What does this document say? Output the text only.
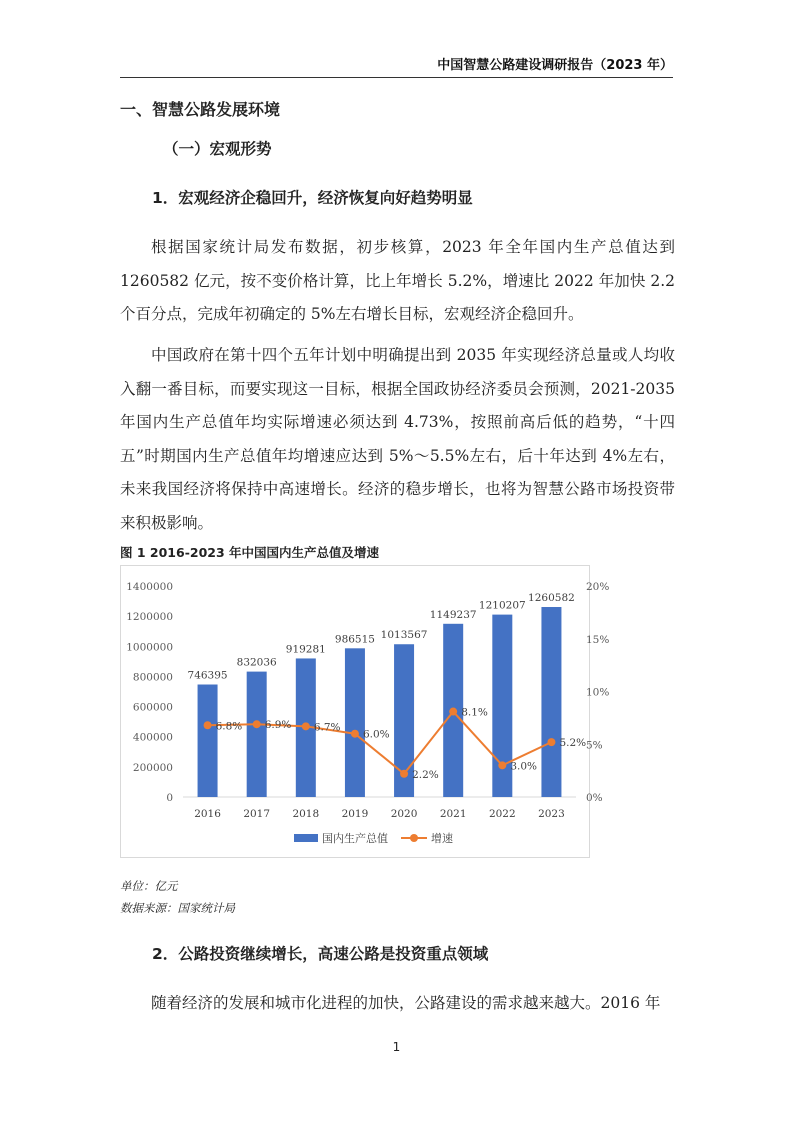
中国智慧公路建设调研报告（2023 年）
一、智慧公路发展环境
（一）宏观形势
1．宏观经济企稳回升，经济恢复向好趋势明显

根据国家统计局发布数据，初步核算，2023 年全年国内生产总值达到 1260582 亿元，按不变价格计算，比上年增长 5.2%，增速比 2022 年加快 2.2 个百分点，完成年初确定的 5%左右增长目标，宏观经济企稳回升。

中国政府在第十四个五年计划中明确提出到 2035 年实现经济总量或人均收入翻一番目标，而要实现这一目标，根据全国政协经济委员会预测，2021-2035 年国内生产总值年均实际增速必须达到 4.73%，按照前高后低的趋势，“十四五”时期国内生产总值年均增速应达到 5%～5.5%左右，后十年达到 4%左右，未来我国经济将保持中高速增长。经济的稳步增长，也将为智慧公路市场投资带来积极影响。

图 1 2016-2023 年中国国内生产总值及增速
0
200000
400000
600000
800000
1000000
1200000
1400000
0%
5%
10%
15%
20%
746395
832036
919281
986515 1013567
1149237
1210207
1260582
2016 2017 2018 2019 2020 2021 2022 2023
6.8% 6.9% 6.7%
6.0%
2.2%
8.1%
3.0%
5.2%
国内生产总值	增速
单位：亿元
数据来源：国家统计局
2．公路投资继续增长，高速公路是投资重点领域

随着经济的发展和城市化进程的加快，公路建设的需求越来越大。2016 年

1
